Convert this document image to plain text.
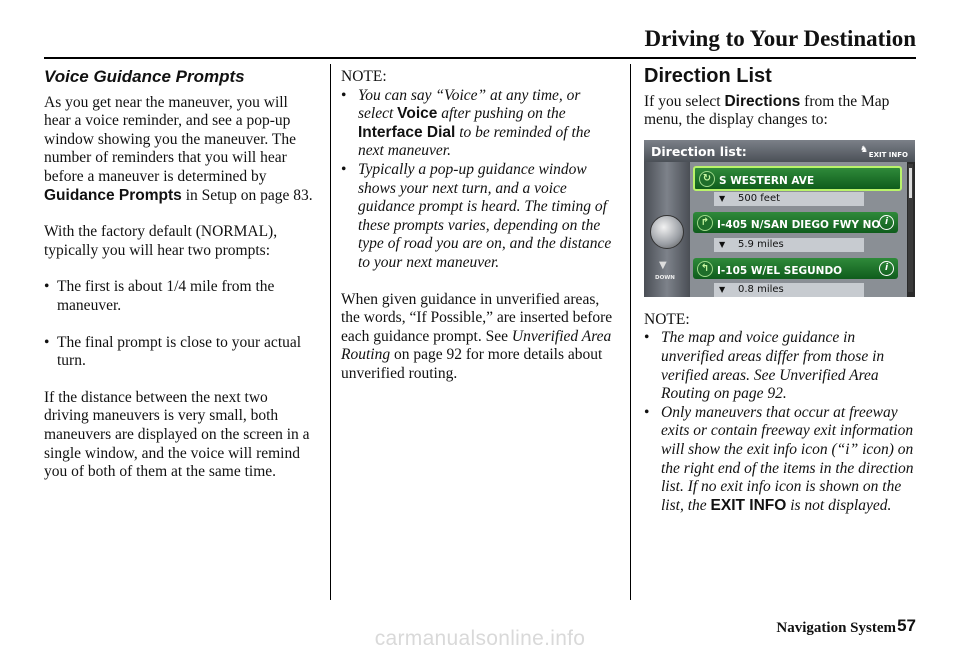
Driving to Your Destination
Voice Guidance Prompts

As you get near the maneuver, you will hear a voice reminder, and see a pop-up window showing you the maneuver. The number of reminders that you will hear before a maneuver is determined by Guidance Prompts in Setup on page 83.

With the factory default (NORMAL), typically you will hear two prompts:

• The first is about 1/4 mile from the maneuver.
• The final prompt is close to your actual turn.

If the distance between the next two driving maneuvers is very small, both maneuvers are displayed on the screen in a single window, and the voice will remind you of both of them at the same time.

NOTE:
• You can say “Voice” at any time, or select Voice after pushing on the Interface Dial to be reminded of the next maneuver.
• Typically a pop-up guidance window shows your next turn, and a voice guidance prompt is heard. The timing of these prompts varies, depending on the type of road you are on, and the distance to your next maneuver.

When given guidance in unverified areas, the words, “If Possible,” are inserted before each guidance prompt. See Unverified Area Routing on page 92 for more details about unverified routing.

Direction List

If you select Directions from the Map menu, the display changes to:

Direction list:	♞ EXIT INFO
▼
DOWN
↻ S WESTERN AVE
▼ 500 feet
↱ I-405 N/SAN DIEGO FWY NO i
▼ 5.9 miles
↰ I-105 W/EL SEGUNDO	i
▼ 0.8 miles
NOTE:
• The map and voice guidance in unverified areas differ from those in verified areas. See Unverified Area Routing on page 92.
• Only maneuvers that occur at freeway exits or contain freeway exit information will show the exit info icon (“i” icon) on the right end of the items in the direction list. If no exit info icon is shown on the list, the EXIT INFO is not displayed.
Navigation System 57
carmanualsonline.info
